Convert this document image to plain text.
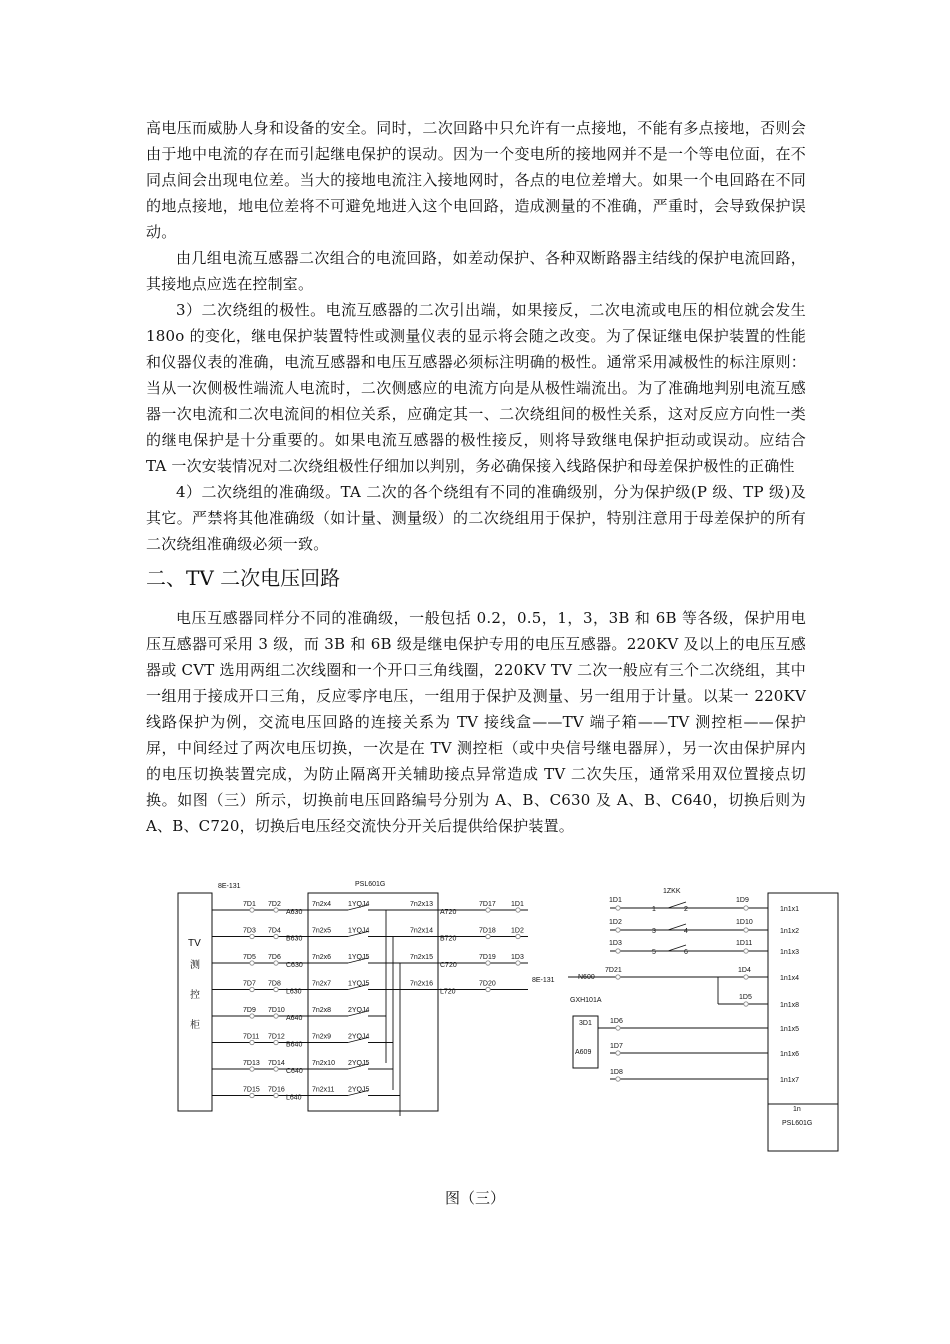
高电压而威胁人身和设备的安全。同时，二次回路中只允许有一点接地，不能有多点接地，否则会由于地中电流的存在而引起继电保护的误动。因为一个变电所的接地网并不是一个等电位面，在不同点间会出现电位差。当大的接地电流注入接地网时，各点的电位差增大。如果一个电回路在不同的地点接地，地电位差将不可避免地进入这个电回路，造成测量的不准确，严重时，会导致保护误动。

由几组电流互感器二次组合的电流回路，如差动保护、各种双断路器主结线的保护电流回路，其接地点应选在控制室。

3）二次绕组的极性。电流互感器的二次引出端，如果接反，二次电流或电压的相位就会发生 180o 的变化，继电保护装置特性或测量仪表的显示将会随之改变。为了保证继电保护装置的性能和仪器仪表的准确，电流互感器和电压互感器必须标注明确的极性。通常采用减极性的标注原则：当从一次侧极性端流人电流时，二次侧感应的电流方向是从极性端流出。为了准确地判别电流互感器一次电流和二次电流间的相位关系，应确定其一、二次绕组间的极性关系，这对反应方向性一类的继电保护是十分重要的。如果电流互感器的极性接反，则将导致继电保护拒动或误动。应结合 TA 一次安装情况对二次绕组极性仔细加以判别，务必确保接入线路保护和母差保护极性的正确性

4）二次绕组的准确级。TA 二次的各个绕组有不同的准确级别，分为保护级(P 级、TP 级)及其它。严禁将其他准确级（如计量、测量级）的二次绕组用于保护，特别注意用于母差保护的所有二次绕组准确级必须一致。

二、TV 二次电压回路

电压互感器同样分不同的准确级，一般包括 0.2，0.5，1，3，3B 和 6B 等各级，保护用电压互感器可采用 3 级，而 3B 和 6B 级是继电保护专用的电压互感器。220KV 及以上的电压互感器或 CVT 选用两组二次线圈和一个开口三角线圈，220KV TV 二次一般应有三个二次绕组，其中一组用于接成开口三角，反应零序电压，一组用于保护及测量、另一组用于计量。以某一 220KV 线路保护为例，交流电压回路的连接关系为 TV 接线盒——TV 端子箱——TV 测控柜——保护屏，中间经过了两次电压切换，一次是在 TV 测控柜（或中央信号继电器屏），另一次由保护屏内的电压切换装置完成，为防止隔离开关辅助接点异常造成 TV 二次失压，通常采用双位置接点切换。如图（三）所示，切换前电压回路编号分别为 A、B、C630 及 A、B、C640，切换后则为 A、B、C720，切换后电压经交流快分开关后提供给保护装置。

8E-131	PSL601G
TV
测
控
柜
7D1 7D2
A630
7n2x4 1YQJ4	7n2x13
A720
7D17 1D1
7D3 7D4
B630
7n2x5 1YQJ4	7n2x14
B720
7D18 1D2
7D5 7D6
C630
7n2x6 1YQJ5	7n2x15
C720
7D19 1D3
7D7 7D8
L630
7n2x7 1YQJ5	7n2x16
L720
7D20
7D9 7D10
A640
7n2x8 2YQJ4
7D11 7D12
B640
7n2x9 2YQJ4
7D13 7D14
C640
7n2x10 2YQJ5
7D15 7D16
L640
7n2x11 2YQJ5
1n
PSL601G
1ZKK
8E-131	N600
GXH101A
3D1
A609
1D1
1	2
1D9
1n1x1
1D2
3	4
1D10
1n1x2
1D3
5	6
1D11
1n1x3
7D21	1D4
1n1x4
1D5
1n1x8
1D6
1n1x5
1D7
1n1x6
1D8
1n1x7
图（三）
